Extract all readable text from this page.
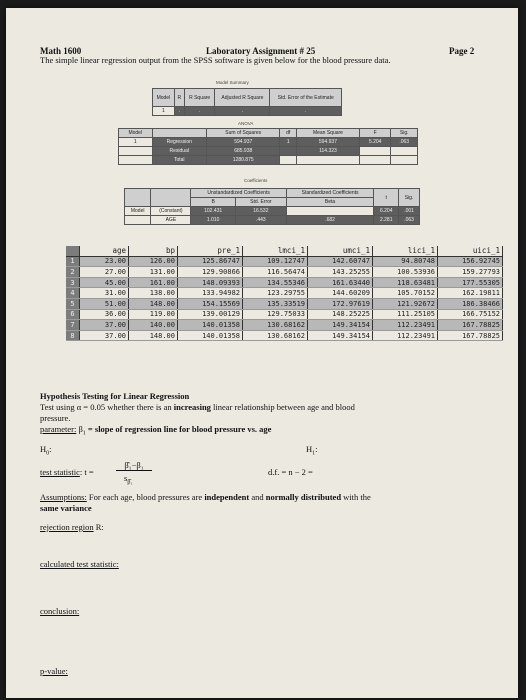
Math 1600	Laboratory Assignment # 25	Page 2
The simple linear regression output from the SPSS software is given below for the blood pressure data.
Model Summary
Model	R	R Square	Adjusted R Square	Std. Error of the Estimate
1	.	.	.	.
ANOVA
Model		Sum of Squares	df	Mean Square	F	Sig.
1	Regression	594.937	1	594.937	5.204	.063
	Residual	685.938		114.323		
	Total	1280.875				
Coefficients
		Unstandardized Coefficients		Standardized Coefficients	t	Sig.
		B	Std. Error	Beta		
Model	(Constant)	102.431	16.532		6.204	.001
	AGE	1.010	.443	.682	2.281	.063
	age	bp	pre_1	lmci_1	umci_1	lici_1	uici_1
1	23.00	126.00	125.86747	109.12747	142.60747	94.80748	156.92745
2	27.00	131.00	129.90866	116.56474	143.25255	100.53936	159.27793
3	45.00	161.00	148.09393	134.55346	161.63440	118.63481	177.55305
4	31.00	138.00	133.94982	123.29755	144.60209	105.70152	162.19811
5	51.00	148.00	154.15569	135.33519	172.97619	121.92672	186.38466
6	36.00	119.00	139.00129	129.75033	148.25225	111.25105	166.75152
7	37.00	140.00	140.01358	130.68162	149.34154	112.23491	167.78825
8	37.00	148.00	140.01358	130.68162	149.34154	112.23491	167.78825
Hypothesis Testing for Linear Regression
Test using α = 0.05 whether there is an increasing linear relationship between age and blood
pressure.
parameter: $\beta_1$ = slope of regression line for blood pressure vs. age
$H_0$:	$H_1$:
test statistic: t =
β̂₁−β₁
$s_{\betâ_1}$
d.f. = n − 2 =
Assumptions: For each age, blood pressures are independent and normally distributed with the
same variance
rejection region R:
calculated test statistic:
conclusion:
p-value:
